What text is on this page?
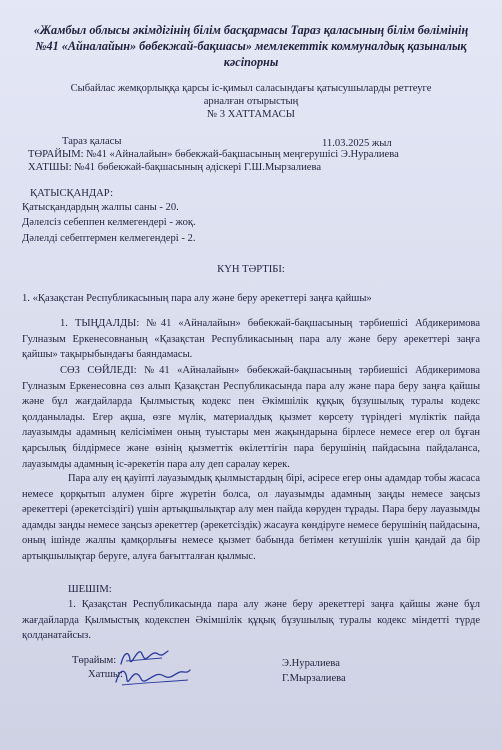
«Жамбыл облысы әкімдігінің білім басқармасы Тараз қаласының білім бөлімінің №41 «Айналайын» бөбекжай-бақшасы» мемлекеттік коммуналдық қазыналық кәсіпорны

Сыбайлас жемқорлыққа қарсы іс-қимыл саласындағы қатысушыларды реттеуге

арналған отырыстың

№ 3 ХАТТАМАСЫ

Тараз қаласы	11.03.2025 жыл

ТӨРАЙЫМ: №41 «Айналайын» бөбекжай-бақшасының меңгерушісі Э.Нуралиева

ХАТШЫ: №41 бөбекжай-бақшасының әдіскері Г.Ш.Мырзалиева

ҚАТЫСҚАНДАР:

Қатысқандардың жалпы саны - 20.

Дәлелсіз себеппен келмегендері - жоқ.

Дәлелді себептермен келмегендері - 2.

КҮН ТӘРТІБІ:

1. «Қазақстан Республикасының пара алу және беру әрекеттері заңға қайшы»

1. ТЫҢДАЛДЫ: №41 «Айналайын» бөбекжай-бақшасының тәрбиешісі Абдикеримова Гулназым Еркенесовнаның «Қазақстан Республикасының пара алу және беру әрекеттері заңға қайшы» тақырыбындағы баяндамасы.

СӨЗ СӨЙЛЕДІ: №41 «Айналайын» бөбекжай-бақшасының тәрбиешісі Абдикеримова Гулназым Еркенесовна сөз алып Қазақстан Республикасында пара алу және пара беру заңға қайшы және бұл жағдайларда Қылмыстық кодекс пен Әкімшілік құқық бұзушылық туралы кодекс қолданылады. Егер ақша, өзге мүлік, материалдық қызмет көрсету түріндегі мүліктік пайда лауазымды адамның келісімімен оның туыстары мен жақындарына бірлесе немесе егер ол бұған қарсылық білдірмесе және өзінің қызметтік өкілеттігін пара берушінің пайдасына пайдаланса, лауазымды адамның іс-әрекетін пара алу деп саралау керек.

Пара алу ең қауіпті лауазымдық қылмыстардың бірі, әсіресе егер оны адамдар тобы жасаса немесе қорқытып алумен бірге жүретін болса, ол лауазымды адамның заңды немесе заңсыз әрекеттері (әрекетсіздігі) үшін артықшылықтар алу мен пайда көруден тұрады. Пара беру лауазымды адамды заңды немесе заңсыз әрекеттер (әрекетсіздік) жасауға көндіруге немесе берушінің пайдасына, оның ішінде жалпы қамқорлығы немесе қызмет бабында бетімен кетушілік үшін қандай да бір артықшылықтар беруге, алуға бағытталған қылмыс.

ШЕШІМ:

1. Қазақстан Республикасында пара алу және беру әрекеттері заңға қайшы және бұл жағдайларда Қылмыстық кодекспен Әкімшілік құқық бұзушылық туралы кодекс міндетті түрде қолданатайсыз.

Төрайым:

Хатшы:

Э.Нуралиева

Г.Мырзалиева
